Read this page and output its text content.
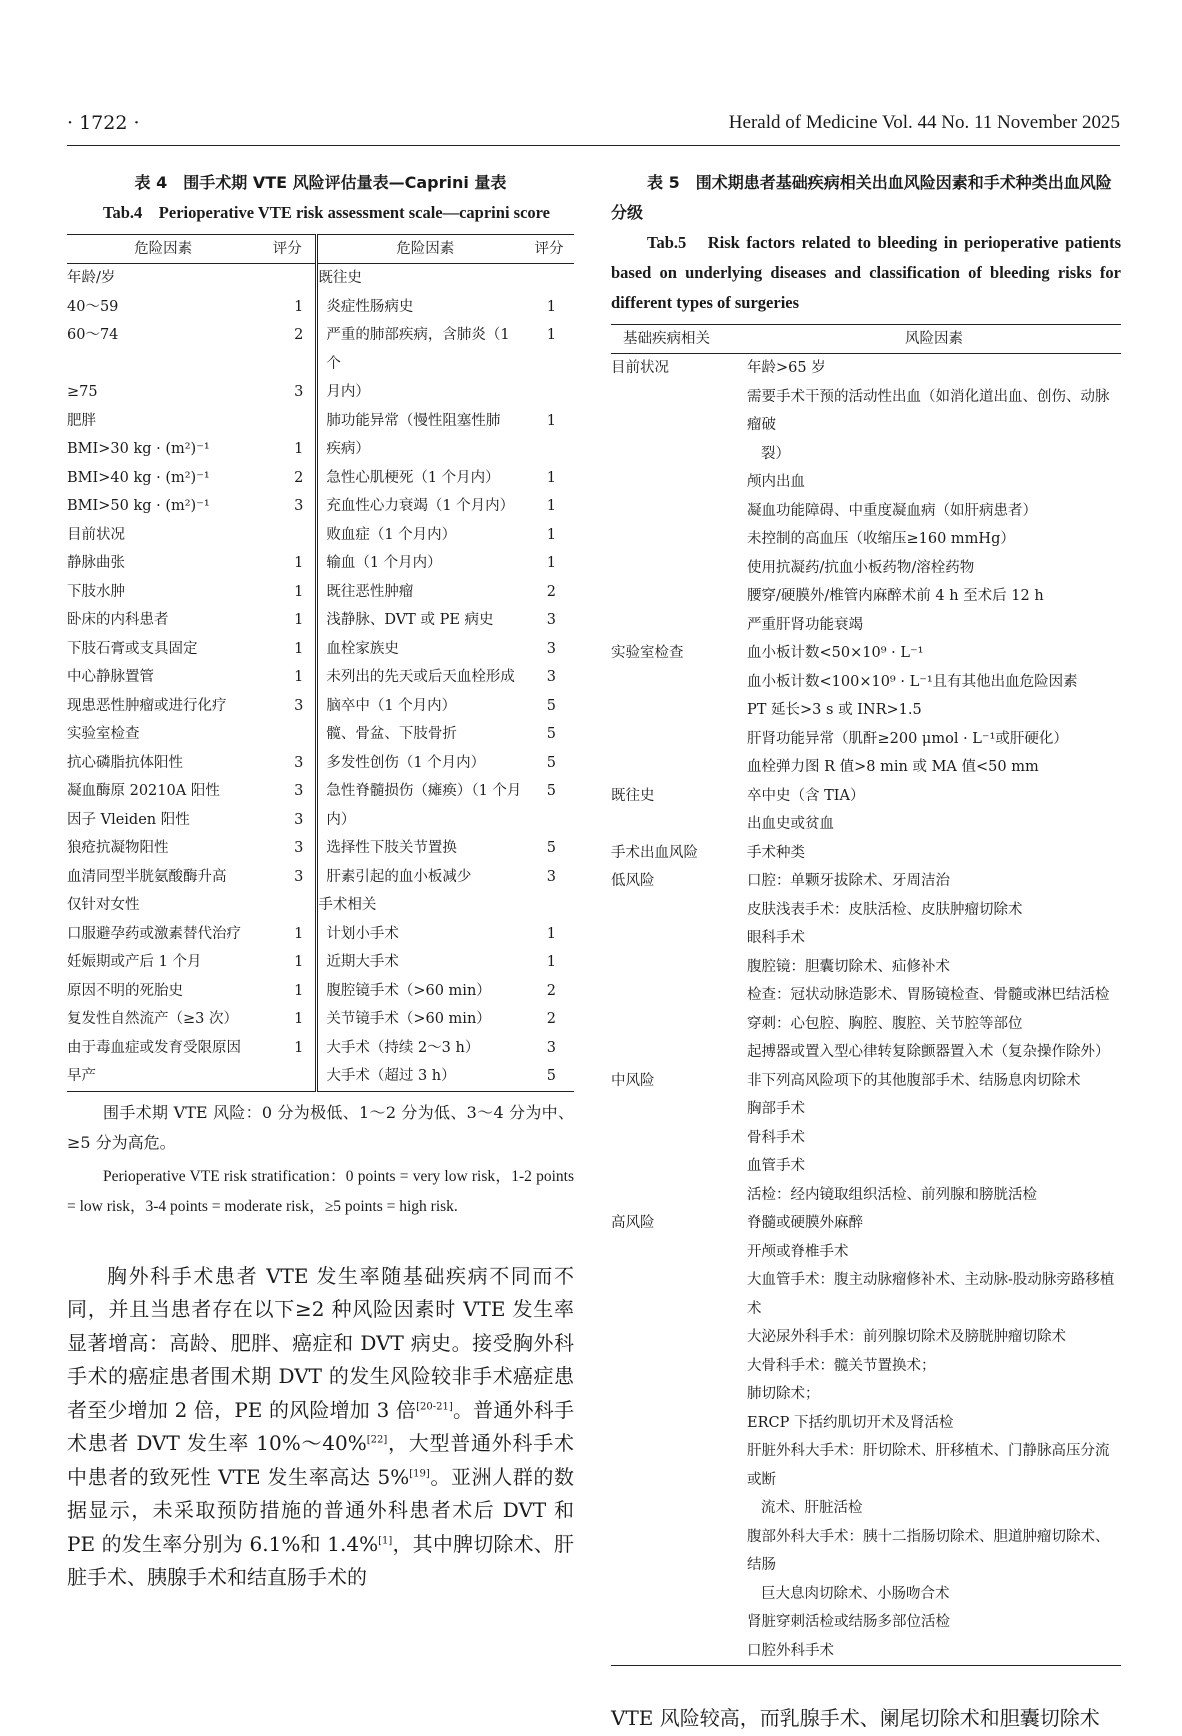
· 1722 ·	Herald of Medicine Vol. 44 No. 11 November 2025
表 4　围手术期 VTE 风险评估量表—Caprini 量表
Tab.4　Perioperative VTE risk assessment scale—caprini score
危险因素	评分	危险因素	评分
年龄/岁		既往史	
40～59	1	炎症性肠病史	1
60～74	2	严重的肺部疾病，含肺炎（1 个	1
≥75	3	月内）	
肥胖		肺功能异常（慢性阻塞性肺	1
BMI>30 kg · (m²)⁻¹	1	疾病）	
BMI>40 kg · (m²)⁻¹	2	急性心肌梗死（1 个月内）	1
BMI>50 kg · (m²)⁻¹	3	充血性心力衰竭（1 个月内）	1
目前状况		败血症（1 个月内）	1
静脉曲张	1	输血（1 个月内）	1
下肢水肿	1	既往恶性肿瘤	2
卧床的内科患者	1	浅静脉、DVT 或 PE 病史	3
下肢石膏或支具固定	1	血栓家族史	3
中心静脉置管	1	未列出的先天或后天血栓形成	3
现患恶性肿瘤或进行化疗	3	脑卒中（1 个月内）	5
实验室检查		髋、骨盆、下肢骨折	5
抗心磷脂抗体阳性	3	多发性创伤（1 个月内）	5
凝血酶原 20210A 阳性	3	急性脊髓损伤（瘫痪）（1 个月	5
因子 Vleiden 阳性	3	内）	
狼疮抗凝物阳性	3	选择性下肢关节置换	5
血清同型半胱氨酸酶升高	3	肝素引起的血小板减少	3
仅针对女性		手术相关	
口服避孕药或激素替代治疗	1	计划小手术	1
妊娠期或产后 1 个月	1	近期大手术	1
原因不明的死胎史	1	腹腔镜手术（>60 min）	2
复发性自然流产（≥3 次）	1	关节镜手术（>60 min）	2
由于毒血症或发育受限原因	1	大手术（持续 2～3 h）	3
早产		大手术（超过 3 h）	5
围手术期 VTE 风险：0 分为极低、1～2 分为低、3～4 分为中、≥5 分为高危。
Perioperative VTE risk stratification：0 points = very low risk，1-2 points = low risk，3-4 points = moderate risk，≥5 points = high risk.
胸外科手术患者 VTE 发生率随基础疾病不同而不同，并且当患者存在以下≥2 种风险因素时 VTE 发生率显著增高：高龄、肥胖、癌症和 DVT 病史。接受胸外科手术的癌症患者围术期 DVT 的发生风险较非手术癌症患者至少增加 2 倍，PE 的风险增加 3 倍[20-21]。普通外科手术患者 DVT 发生率 10%～40%[22]，大型普通外科手术中患者的致死性 VTE 发生率高达 5%[19]。亚洲人群的数据显示，未采取预防措施的普通外科患者术后 DVT 和 PE 的发生率分别为 6.1%和 1.4%[1]，其中脾切除术、肝脏手术、胰腺手术和结直肠手术的
表 5　围术期患者基础疾病相关出血风险因素和手术种类出血风险分级
Tab.5　Risk factors related to bleeding in perioperative patients based on underlying diseases and classification of bleeding risks for different types of surgeries
基础疾病相关	风险因素
目前状况	年龄>65 岁
	需要手术干预的活动性出血（如消化道出血、创伤、动脉瘤破
裂）

	颅内出血
	凝血功能障碍、中重度凝血病（如肝病患者）
	未控制的高血压（收缩压≥160 mmHg）
	使用抗凝药/抗血小板药物/溶栓药物
	腰穿/硬膜外/椎管内麻醉术前 4 h 至术后 12 h
	严重肝肾功能衰竭
实验室检查	血小板计数<50×10⁹ · L⁻¹
	血小板计数<100×10⁹ · L⁻¹且有其他出血危险因素
	PT 延长>3 s 或 INR>1.5
	肝肾功能异常（肌酐≥200 μmol · L⁻¹或肝硬化）
	血栓弹力图 R 值>8 min 或 MA 值<50 mm
既往史	卒中史（含 TIA）
	出血史或贫血
手术出血风险	手术种类
低风险	口腔：单颗牙拔除术、牙周洁治
	皮肤浅表手术：皮肤活检、皮肤肿瘤切除术
	眼科手术
	腹腔镜：胆囊切除术、疝修补术
	检查：冠状动脉造影术、胃肠镜检查、骨髓或淋巴结活检
	穿刺：心包腔、胸腔、腹腔、关节腔等部位
	起搏器或置入型心律转复除颤器置入术（复杂操作除外）
中风险	非下列高风险项下的其他腹部手术、结肠息肉切除术
	胸部手术
	骨科手术
	血管手术
	活检：经内镜取组织活检、前列腺和膀胱活检
高风险	脊髓或硬膜外麻醉
	开颅或脊椎手术
	大血管手术：腹主动脉瘤修补术、主动脉-股动脉旁路移植术
	大泌尿外科手术：前列腺切除术及膀胱肿瘤切除术
	大骨科手术：髋关节置换术；
	肺切除术；
	ERCP 下括约肌切开术及肾活检
	肝脏外科大手术：肝切除术、肝移植术、门静脉高压分流或断
流术、肝脏活检

	腹部外科大手术：胰十二指肠切除术、胆道肿瘤切除术、结肠
巨大息肉切除术、小肠吻合术

	肾脏穿刺活检或结肠多部位活检
	口腔外科手术
VTE 风险较高，而乳腺手术、阑尾切除术和胆囊切除术
